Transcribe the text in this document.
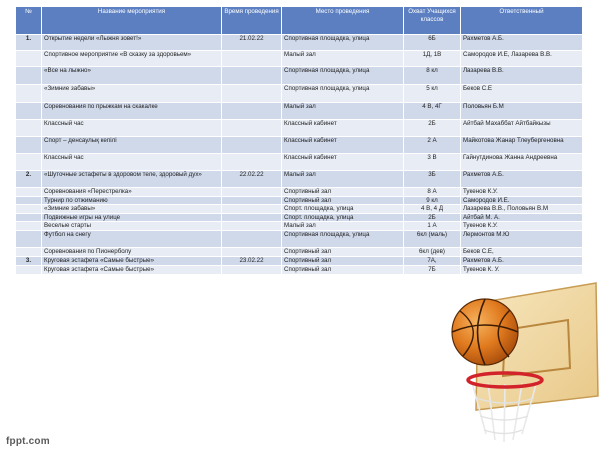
№	Название мероприятия	Время проведения	Место проведения	Охват Учащихся классов	Ответственный
1.	Открытие недели «Лыжня зовет!»	21.02.22	Спортивная площадка, улица	6Б	Рахметов А.Б.
	Спортивное мероприятие «В сказку за здоровьем»		Малый зал	1Д, 1В	Самородов И.Е, Лазарева В.В.
	«Все на лыжно»		Спортивная площадка, улица	8 кл	Лазарева В.В.
	«Зимние забавы»		Спортивная площадка, улица	5 кл	Беков С.Е
	Соревнования по прыжкам на скакалке		Малый зал	4 В, 4Г	Половьян Б.М
	Классный час		Классный кабинет	2Б	Айтбай Махаббат Айтбайкызы
	Спорт – денсаулық кепілі		Классный кабинет	2 А	Майкотова Жанар Тлеубергеновна
	Классный час		Классный кабинет	3 В	Гайнутдинова Жанна Андреевна
2.	«Шуточные эстафеты в здоровом теле, здоровый дух»	22.02.22	Малый зал	3Б	Рахметов А.Б.
	Соревнования «Перестрелка»		Спортивный зал	8 А	Тукенов К.У.
	Турнир по отжиманию		Спортивный зал	9 кл	Самородов И.Е.
	«Зимние забавы»		Спорт. площадка, улица	4 В, 4 Д	Лазарева В.В., Половьян В.М
	Подвижные игры на улице		Спорт. площадка, улица	2Б	Айтбай М. А.
	Веселые старты		Малый зал	1 А	Тукенов К.У.
	Футбол на снегу		Спортивная площадка, улица	6кл (маль)	Лермонтов М.Ю
	Соревнования по Пионерболу		Спортивный зал	6кл (дев)	Беков С.Е,
3.	Круговая эстафета «Самые быстрые»	23.02.22	Спортивный зал	7А,	Рахметов А.Б.
	Круговая эстафета «Самые быстрые»		Спортивный зал	7Б	Тукенов К. У.
fppt.com
